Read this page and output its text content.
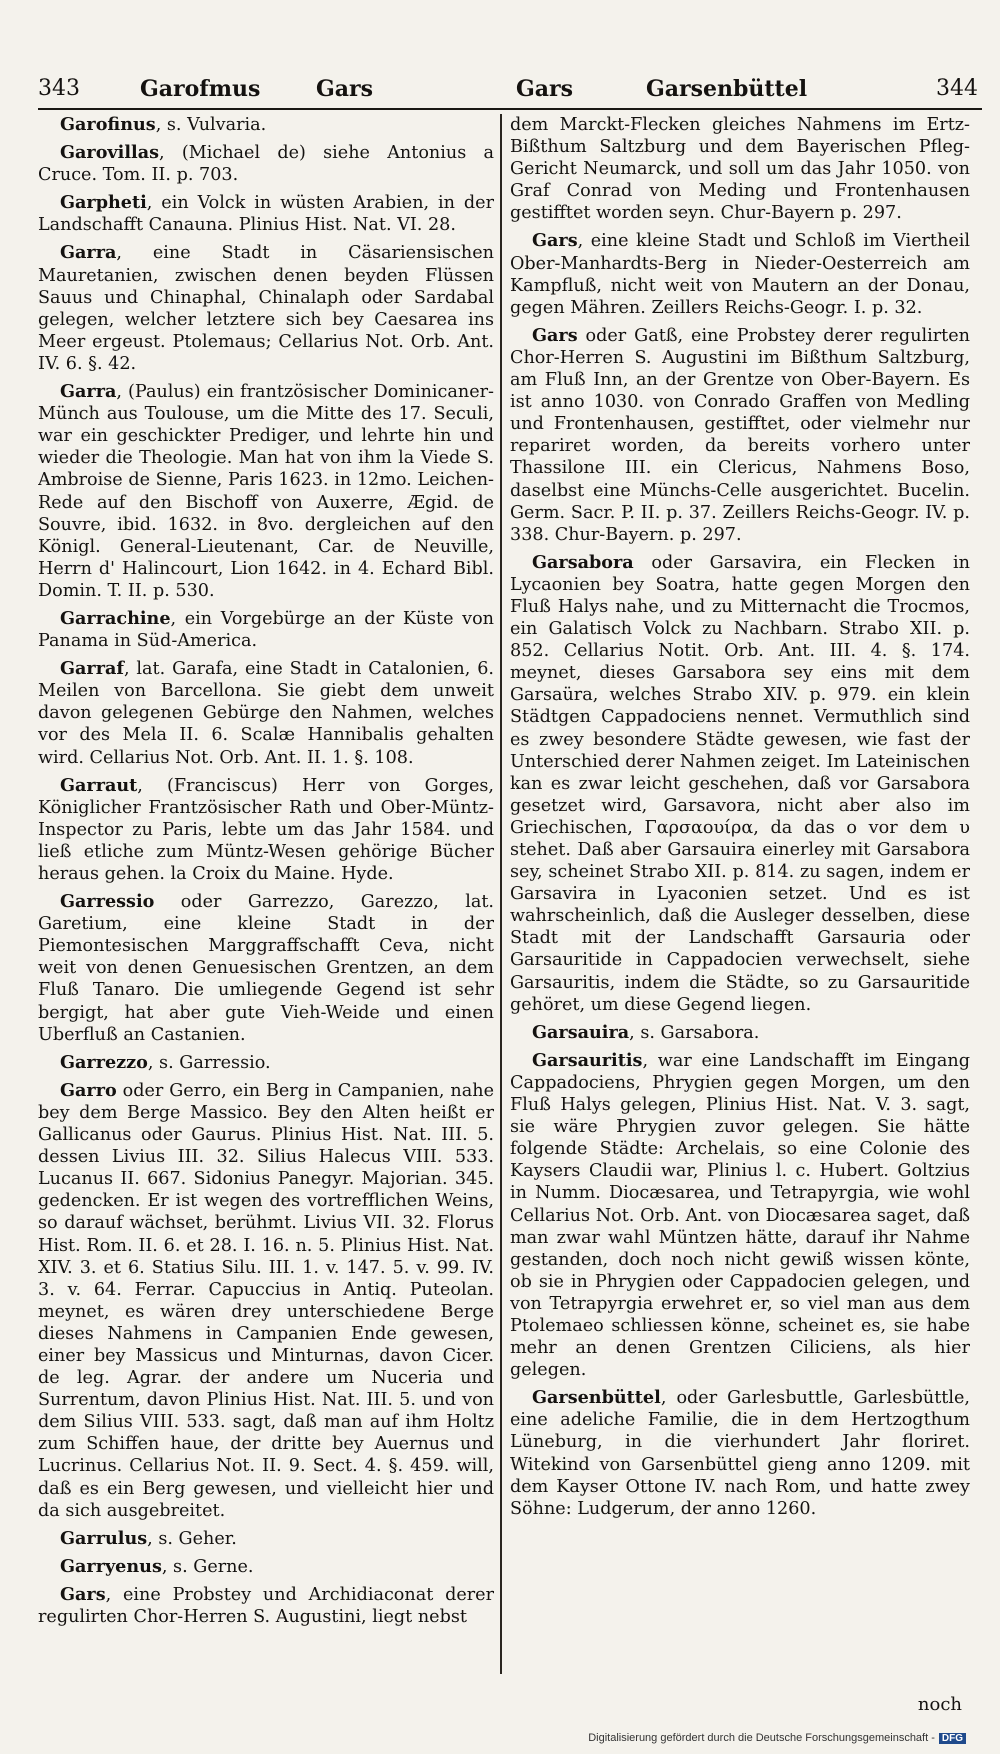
343	Garofmus	Gars	Gars	Garsenbüttel	344

Garofinus, s. Vulvaria.

Garovillas, (Michael de) siehe Antonius a Cruce. Tom. II. p. 703.

Garpheti, ein Volck in wüsten Arabien, in der Landschafft Canauna. Plinius Hist. Nat. VI. 28.

Garra, eine Stadt in Cäsariensischen Mauretanien, zwischen denen beyden Flüssen Sauus und Chinaphal, Chinalaph oder Sardabal gelegen, welcher letztere sich bey Caesarea ins Meer ergeust. Ptolemaus; Cellarius Not. Orb. Ant. IV. 6. §. 42.

Garra, (Paulus) ein frantzösischer Dominicaner-Münch aus Toulouse, um die Mitte des 17. Seculi, war ein geschickter Prediger, und lehrte hin und wieder die Theologie. Man hat von ihm la Viede S. Ambroise de Sienne, Paris 1623. in 12mo. Leichen-Rede auf den Bischoff von Auxerre, Ægid. de Souvre, ibid. 1632. in 8vo. dergleichen auf den Königl. General-Lieutenant, Car. de Neuville, Herrn d' Halincourt, Lion 1642. in 4. Echard Bibl. Domin. T. II. p. 530.

Garrachine, ein Vorgebürge an der Küste von Panama in Süd-America.

Garraf, lat. Garafa, eine Stadt in Catalonien, 6. Meilen von Barcellona. Sie giebt dem unweit davon gelegenen Gebürge den Nahmen, welches vor des Mela II. 6. Scalæ Hannibalis gehalten wird. Cellarius Not. Orb. Ant. II. 1. §. 108.

Garraut, (Franciscus) Herr von Gorges, Königlicher Frantzösischer Rath und Ober-Müntz-Inspector zu Paris, lebte um das Jahr 1584. und ließ etliche zum Müntz-Wesen gehörige Bücher heraus gehen. la Croix du Maine. Hyde.

Garressio oder Garrezzo, Garezzo, lat. Garetium, eine kleine Stadt in der Piemontesischen Marggraffschafft Ceva, nicht weit von denen Genuesischen Grentzen, an dem Fluß Tanaro. Die umliegende Gegend ist sehr bergigt, hat aber gute Vieh-Weide und einen Uberfluß an Castanien.

Garrezzo, s. Garressio.

Garro oder Gerro, ein Berg in Campanien, nahe bey dem Berge Massico. Bey den Alten heißt er Gallicanus oder Gaurus. Plinius Hist. Nat. III. 5. dessen Livius III. 32. Silius Halecus VIII. 533. Lucanus II. 667. Sidonius Panegyr. Majorian. 345. gedencken. Er ist wegen des vortrefflichen Weins, so darauf wächset, berühmt. Livius VII. 32. Florus Hist. Rom. II. 6. et 28. I. 16. n. 5. Plinius Hist. Nat. XIV. 3. et 6. Statius Silu. III. 1. v. 147. 5. v. 99. IV. 3. v. 64. Ferrar. Capuccius in Antiq. Puteolan. meynet, es wären drey unterschiedene Berge dieses Nahmens in Campanien Ende gewesen, einer bey Massicus und Minturnas, davon Cicer. de leg. Agrar. der andere um Nuceria und Surrentum, davon Plinius Hist. Nat. III. 5. und von dem Silius VIII. 533. sagt, daß man auf ihm Holtz zum Schiffen haue, der dritte bey Auernus und Lucrinus. Cellarius Not. II. 9. Sect. 4. §. 459. will, daß es ein Berg gewesen, und vielleicht hier und da sich ausgebreitet.

Garrulus, s. Geher.

Garryenus, s. Gerne.

Gars, eine Probstey und Archidiaconat derer regulirten Chor-Herren S. Augustini, liegt nebst

dem Marckt-Flecken gleiches Nahmens im Ertz-Bißthum Saltzburg und dem Bayerischen Pfleg-Gericht Neumarck, und soll um das Jahr 1050. von Graf Conrad von Meding und Frontenhausen gestifftet worden seyn. Chur-Bayern p. 297.

Gars, eine kleine Stadt und Schloß im Viertheil Ober-Manhardts-Berg in Nieder-Oesterreich am Kampfluß, nicht weit von Mautern an der Donau, gegen Mähren. Zeillers Reichs-Geogr. I. p. 32.

Gars oder Gatß, eine Probstey derer regulirten Chor-Herren S. Augustini im Bißthum Saltzburg, am Fluß Inn, an der Grentze von Ober-Bayern. Es ist anno 1030. von Conrado Graffen von Medling und Frontenhausen, gestifftet, oder vielmehr nur repariret worden, da bereits vorhero unter Thassilone III. ein Clericus, Nahmens Boso, daselbst eine Münchs-Celle ausgerichtet. Bucelin. Germ. Sacr. P. II. p. 37. Zeillers Reichs-Geogr. IV. p. 338. Chur-Bayern. p. 297.

Garsabora oder Garsavira, ein Flecken in Lycaonien bey Soatra, hatte gegen Morgen den Fluß Halys nahe, und zu Mitternacht die Trocmos, ein Galatisch Volck zu Nachbarn. Strabo XII. p. 852. Cellarius Notit. Orb. Ant. III. 4. §. 174. meynet, dieses Garsabora sey eins mit dem Garsaüra, welches Strabo XIV. p. 979. ein klein Städtgen Cappadociens nennet. Vermuthlich sind es zwey besondere Städte gewesen, wie fast der Unterschied derer Nahmen zeiget. Im Lateinischen kan es zwar leicht geschehen, daß vor Garsabora gesetzet wird, Garsavora, nicht aber also im Griechischen, Γαρσαουίρα, da das ο vor dem υ stehet. Daß aber Garsauira einerley mit Garsabora sey, scheinet Strabo XII. p. 814. zu sagen, indem er Garsavira in Lyaconien setzet. Und es ist wahrscheinlich, daß die Ausleger desselben, diese Stadt mit der Landschafft Garsauria oder Garsauritide in Cappadocien verwechselt, siehe Garsauritis, indem die Städte, so zu Garsauritide gehöret, um diese Gegend liegen.

Garsauira, s. Garsabora.

Garsauritis, war eine Landschafft im Eingang Cappadociens, Phrygien gegen Morgen, um den Fluß Halys gelegen, Plinius Hist. Nat. V. 3. sagt, sie wäre Phrygien zuvor gelegen. Sie hätte folgende Städte: Archelais, so eine Colonie des Kaysers Claudii war, Plinius l. c. Hubert. Goltzius in Numm. Diocæsarea, und Tetrapyrgia, wie wohl Cellarius Not. Orb. Ant. von Diocæsarea saget, daß man zwar wahl Müntzen hätte, darauf ihr Nahme gestanden, doch noch nicht gewiß wissen könte, ob sie in Phrygien oder Cappadocien gelegen, und von Tetrapyrgia erwehret er, so viel man aus dem Ptolemaeo schliessen könne, scheinet es, sie habe mehr an denen Grentzen Ciliciens, als hier gelegen.

Garsenbüttel, oder Garlesbuttle, Garlesbüttle, eine adeliche Familie, die in dem Hertzogthum Lüneburg, in die vierhundert Jahr floriret. Witekind von Garsenbüttel gieng anno 1209. mit dem Kayser Ottone IV. nach Rom, und hatte zwey Söhne: Ludgerum, der anno 1260.

noch
Digitalisierung gefördert durch die Deutsche Forschungsgemeinschaft - DFG
